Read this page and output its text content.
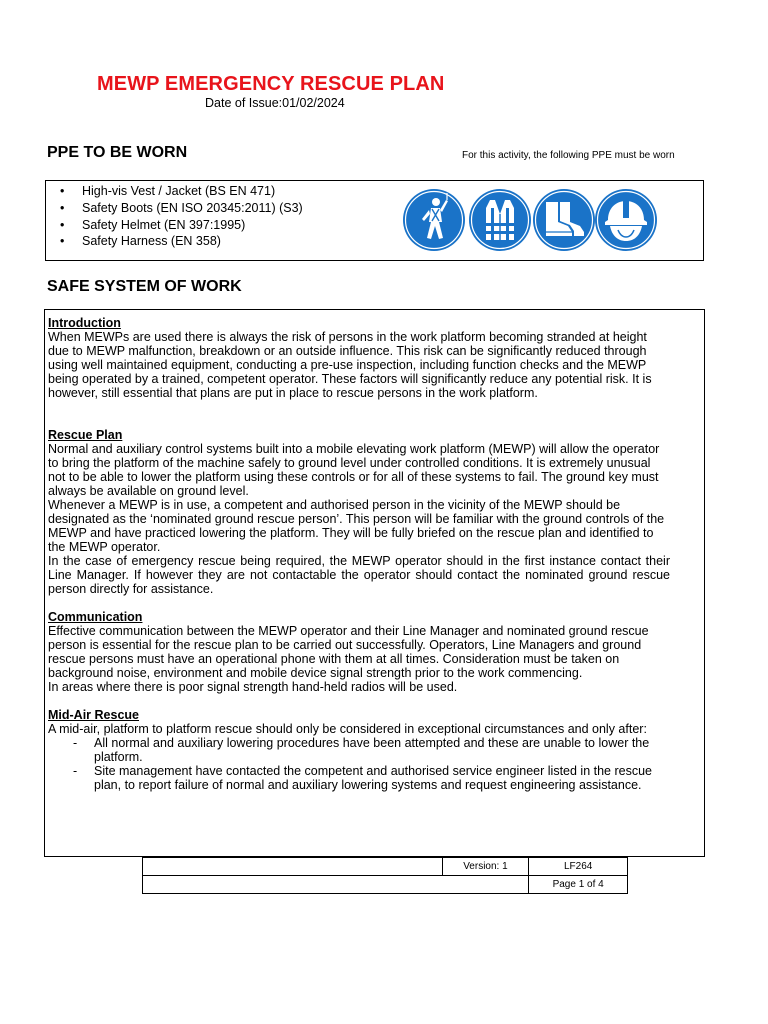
MEWP EMERGENCY RESCUE PLAN
Date of Issue:01/02/2024
PPE TO BE WORN	For this activity, the following PPE must be worn
• High-vis Vest / Jacket (BS EN 471)
• Safety Boots (EN ISO 20345:2011) (S3)
• Safety Helmet (EN 397:1995)
• Safety Harness (EN 358)
SAFE SYSTEM OF WORK

Introduction

When MEWPs are used there is always the risk of persons in the work platform becoming stranded at height due to MEWP malfunction, breakdown or an outside influence. This risk can be significantly reduced through using well maintained equipment, conducting a pre-use inspection, including function checks and the MEWP being operated by a trained, competent operator. These factors will significantly reduce any potential risk. It is however, still essential that plans are put in place to rescue persons in the work platform.

Rescue Plan

Normal and auxiliary control systems built into a mobile elevating work platform (MEWP) will allow the operator to bring the platform of the machine safely to ground level under controlled conditions. It is extremely unusual not to be able to lower the platform using these controls or for all of these systems to fail. The ground key must always be available on ground level.

Whenever a MEWP is in use, a competent and authorised person in the vicinity of the MEWP should be designated as the ‘nominated ground rescue person’. This person will be familiar with the ground controls of the MEWP and have practiced lowering the platform. They will be fully briefed on the rescue plan and identified to the MEWP operator.

In the case of emergency rescue being required, the MEWP operator should in the first instance contact their Line Manager. If however they are not contactable the operator should contact the nominated ground rescue person directly for assistance.

Communication

Effective communication between the MEWP operator and their Line Manager and nominated ground rescue person is essential for the rescue plan to be carried out successfully. Operators, Line Managers and ground rescue persons must have an operational phone with them at all times. Consideration must be taken on background noise, environment and mobile device signal strength prior to the work commencing.

In areas where there is poor signal strength hand-held radios will be used.

Mid-Air Rescue

A mid-air, platform to platform rescue should only be considered in exceptional circumstances and only after:

- All normal and auxiliary lowering procedures have been attempted and these are unable to lower the platform.

- Site management have contacted the competent and authorised service engineer listed in the rescue plan, to report failure of normal and auxiliary lowering systems and request engineering assistance.

	Version: 1	LF264
		Page 1 of 4
